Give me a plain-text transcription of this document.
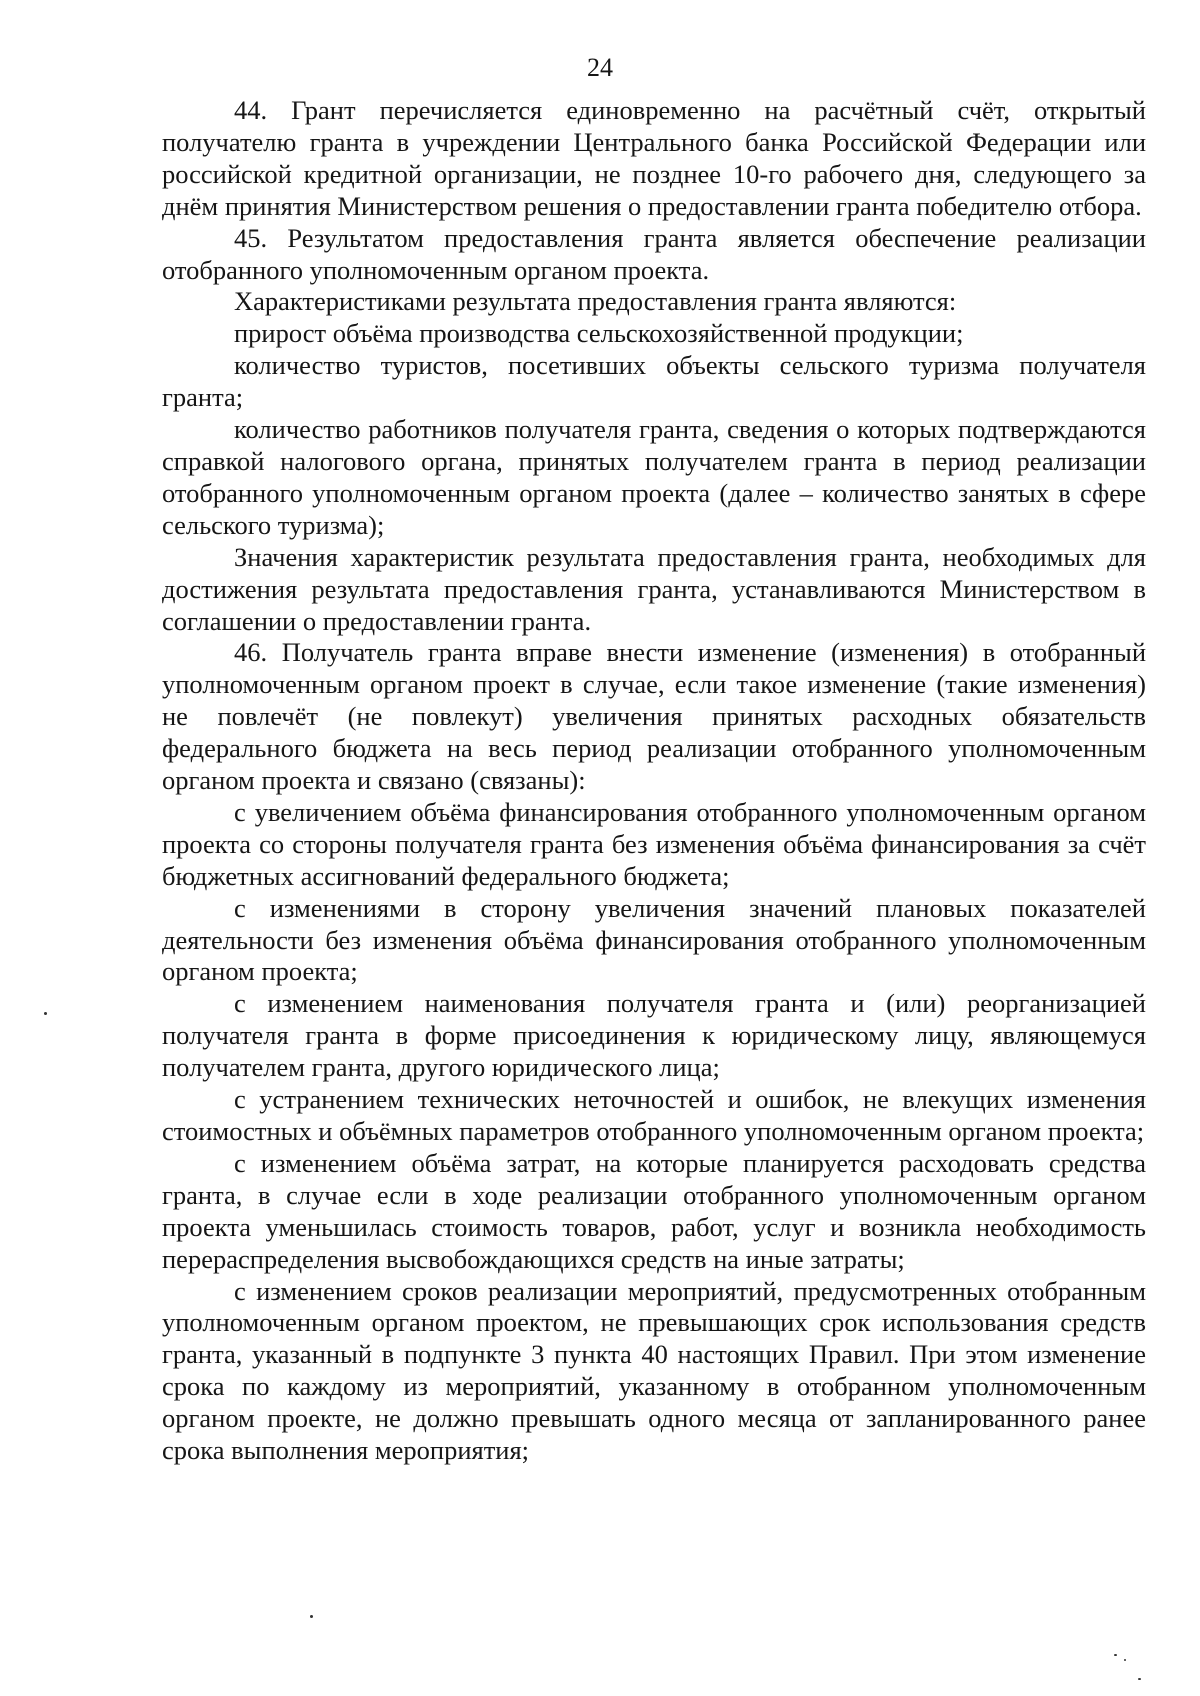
24

44. Грант перечисляется единовременно на расчётный счёт, открытый получателю гранта в учреждении Центрального банка Российской Федерации или российской кредитной организации, не позднее 10-го рабочего дня, следующего за днём принятия Министерством решения о предоставлении гранта победителю отбора.

45. Результатом предоставления гранта является обеспечение реализации отобранного уполномоченным органом проекта.

Характеристиками результата предоставления гранта являются:

прирост объёма производства сельскохозяйственной продукции;

количество туристов, посетивших объекты сельского туризма получателя гранта;

количество работников получателя гранта, сведения о которых подтверждаются справкой налогового органа, принятых получателем гранта в период реализации отобранного уполномоченным органом проекта (далее – количество занятых в сфере сельского туризма);

Значения характеристик результата предоставления гранта, необходимых для достижения результата предоставления гранта, устанавливаются Министерством в соглашении о предоставлении гранта.

46. Получатель гранта вправе внести изменение (изменения) в отобранный уполномоченным органом проект в случае, если такое изменение (такие изменения) не повлечёт (не повлекут) увеличения принятых расходных обязательств федерального бюджета на весь период реализации отобранного уполномоченным органом проекта и связано (связаны):

с увеличением объёма финансирования отобранного уполномоченным органом проекта со стороны получателя гранта без изменения объёма финансирования за счёт бюджетных ассигнований федерального бюджета;

с изменениями в сторону увеличения значений плановых показателей деятельности без изменения объёма финансирования отобранного уполномоченным органом проекта;

с изменением наименования получателя гранта и (или) реорганизацией получателя гранта в форме присоединения к юридическому лицу, являющемуся получателем гранта, другого юридического лица;

с устранением технических неточностей и ошибок, не влекущих изменения стоимостных и объёмных параметров отобранного уполномоченным органом проекта;

с изменением объёма затрат, на которые планируется расходовать средства гранта, в случае если в ходе реализации отобранного уполномоченным органом проекта уменьшилась стоимость товаров, работ, услуг и возникла необходимость перераспределения высвобождающихся средств на иные затраты;

с изменением сроков реализации мероприятий, предусмотренных отобранным уполномоченным органом проектом, не превышающих срок использования средств гранта, указанный в подпункте 3 пункта 40 настоящих Правил. При этом изменение срока по каждому из мероприятий, указанному в отобранном уполномоченным органом проекте, не должно превышать одного месяца от запланированного ранее срока выполнения мероприятия;
